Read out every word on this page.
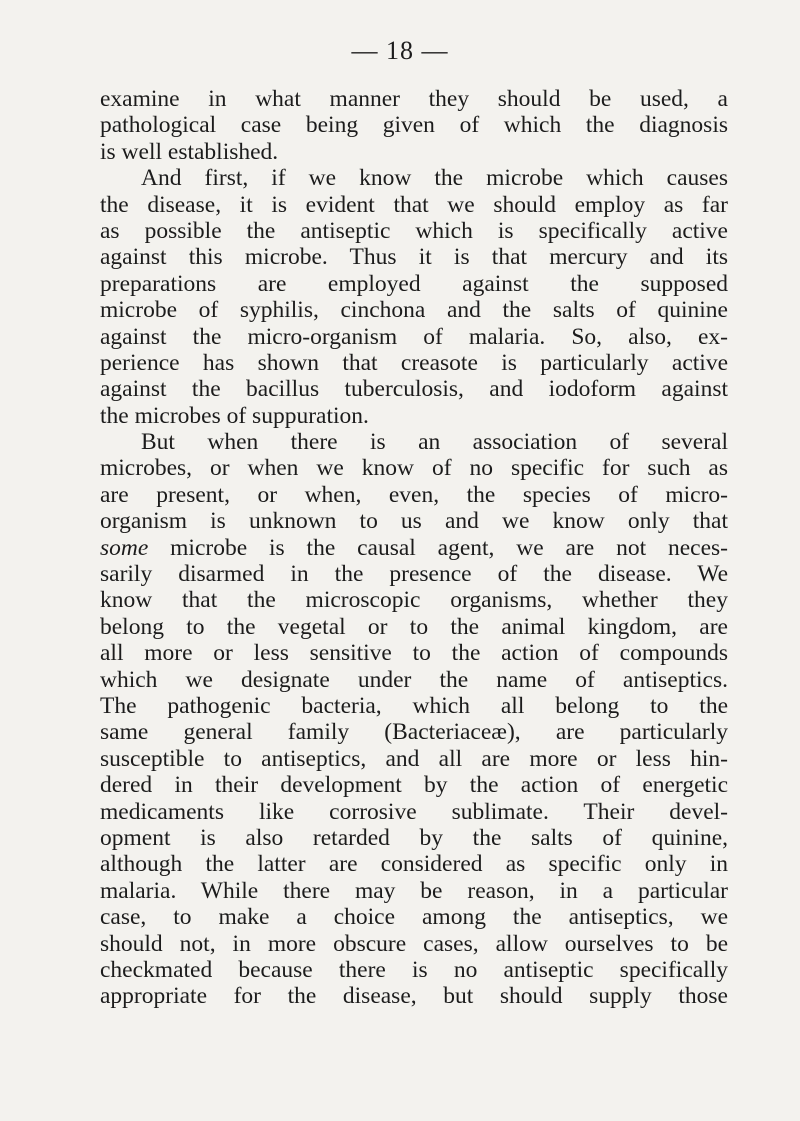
— 18 —
examine in what manner they should be used, a
pathological case being given of which the diagnosis
is well established.
And first, if we know the microbe which causes
the disease, it is evident that we should employ as far
as possible the antiseptic which is specifically active
against this microbe. Thus it is that mercury and its
preparations are employed against the supposed
microbe of syphilis, cinchona and the salts of quinine
against the micro-organism of malaria. So, also, ex-
perience has shown that creasote is particularly active
against the bacillus tuberculosis, and iodoform against
the microbes of suppuration.
But when there is an association of several
microbes, or when we know of no specific for such as
are present, or when, even, the species of micro-
organism is unknown to us and we know only that
some microbe is the causal agent, we are not neces-
sarily disarmed in the presence of the disease. We
know that the microscopic organisms, whether they
belong to the vegetal or to the animal kingdom, are
all more or less sensitive to the action of compounds
which we designate under the name of antiseptics.
The pathogenic bacteria, which all belong to the
same general family (Bacteriaceæ), are particularly
susceptible to antiseptics, and all are more or less hin-
dered in their development by the action of energetic
medicaments like corrosive sublimate. Their devel-
opment is also retarded by the salts of quinine,
although the latter are considered as specific only in
malaria. While there may be reason, in a particular
case, to make a choice among the antiseptics, we
should not, in more obscure cases, allow ourselves to be
checkmated because there is no antiseptic specifically
appropriate for the disease, but should supply those
